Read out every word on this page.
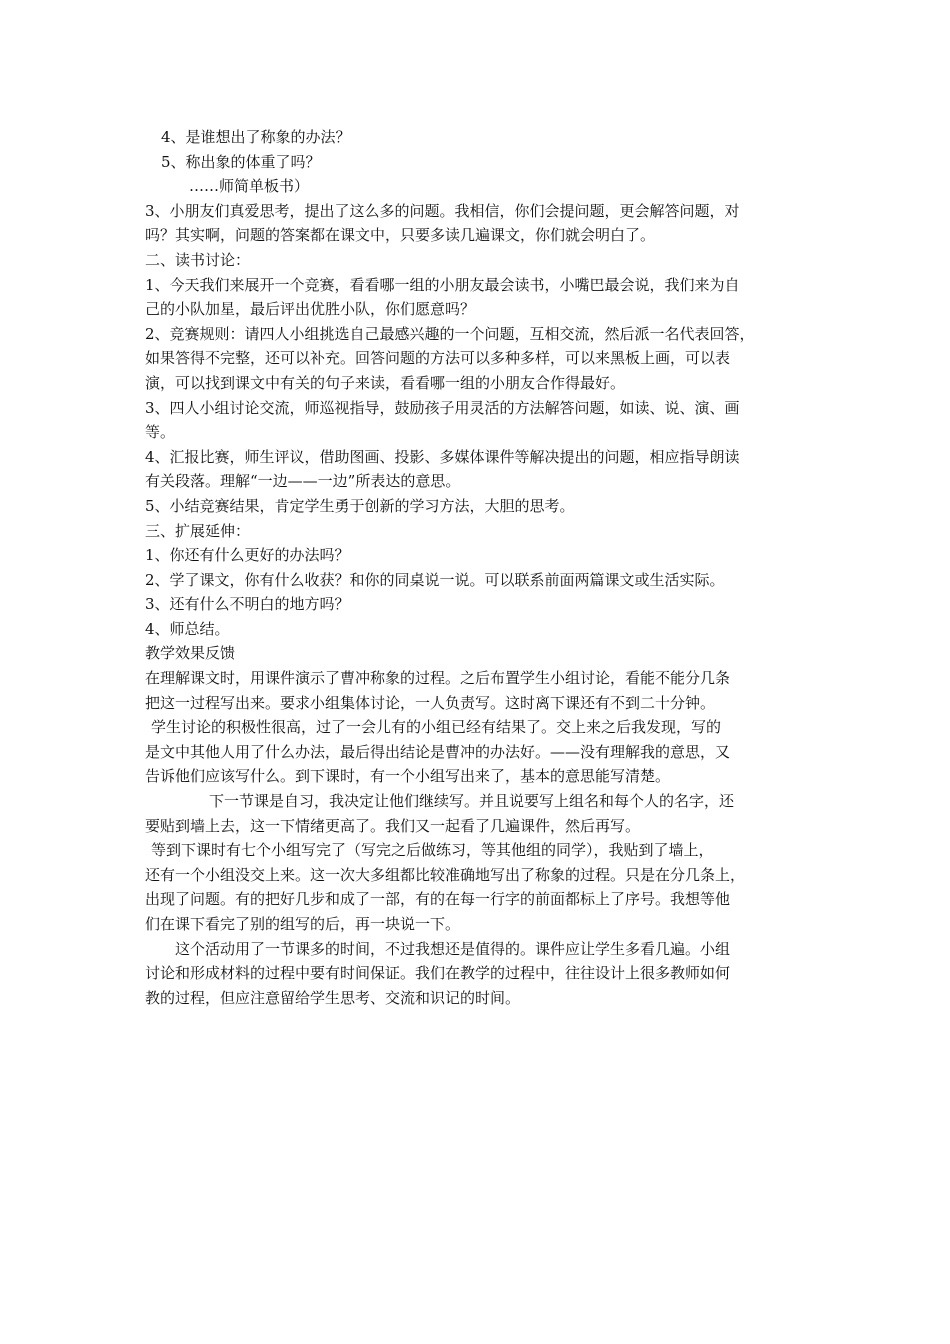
4、是谁想出了称象的办法？
5、称出象的体重了吗？
……师简单板书）
3、小朋友们真爱思考，提出了这么多的问题。我相信，你们会提问题，更会解答问题，对
吗？其实啊，问题的答案都在课文中，只要多读几遍课文，你们就会明白了。
二、读书讨论：
1、今天我们来展开一个竞赛，看看哪一组的小朋友最会读书，小嘴巴最会说，我们来为自
己的小队加星，最后评出优胜小队，你们愿意吗？
2、竞赛规则：请四人小组挑选自己最感兴趣的一个问题，互相交流，然后派一名代表回答，
如果答得不完整，还可以补充。回答问题的方法可以多种多样，可以来黑板上画，可以表
演，可以找到课文中有关的句子来读，看看哪一组的小朋友合作得最好。
3、四人小组讨论交流，师巡视指导，鼓励孩子用灵活的方法解答问题，如读、说、演、画
等。
4、汇报比赛，师生评议，借助图画、投影、多媒体课件等解决提出的问题，相应指导朗读
有关段落。理解“一边——一边”所表达的意思。
5、小结竞赛结果，肯定学生勇于创新的学习方法，大胆的思考。
三、扩展延伸：
1、你还有什么更好的办法吗？
2、学了课文，你有什么收获？和你的同桌说一说。可以联系前面两篇课文或生活实际。
3、还有什么不明白的地方吗？
4、师总结。
教学效果反馈
在理解课文时，用课件演示了曹冲称象的过程。之后布置学生小组讨论，看能不能分几条
把这一过程写出来。要求小组集体讨论，一人负责写。这时离下课还有不到二十分钟。
学生讨论的积极性很高，过了一会儿有的小组已经有结果了。交上来之后我发现，写的
是文中其他人用了什么办法，最后得出结论是曹冲的办法好。——没有理解我的意思，又
告诉他们应该写什么。到下课时，有一个小组写出来了，基本的意思能写清楚。
下一节课是自习，我决定让他们继续写。并且说要写上组名和每个人的名字，还
要贴到墙上去，这一下情绪更高了。我们又一起看了几遍课件，然后再写。
等到下课时有七个小组写完了（写完之后做练习，等其他组的同学），我贴到了墙上，
还有一个小组没交上来。这一次大多组都比较准确地写出了称象的过程。只是在分几条上，
出现了问题。有的把好几步和成了一部，有的在每一行字的前面都标上了序号。我想等他
们在课下看完了别的组写的后，再一块说一下。
这个活动用了一节课多的时间，不过我想还是值得的。课件应让学生多看几遍。小组
讨论和形成材料的过程中要有时间保证。我们在教学的过程中，往往设计上很多教师如何
教的过程，但应注意留给学生思考、交流和识记的时间。
